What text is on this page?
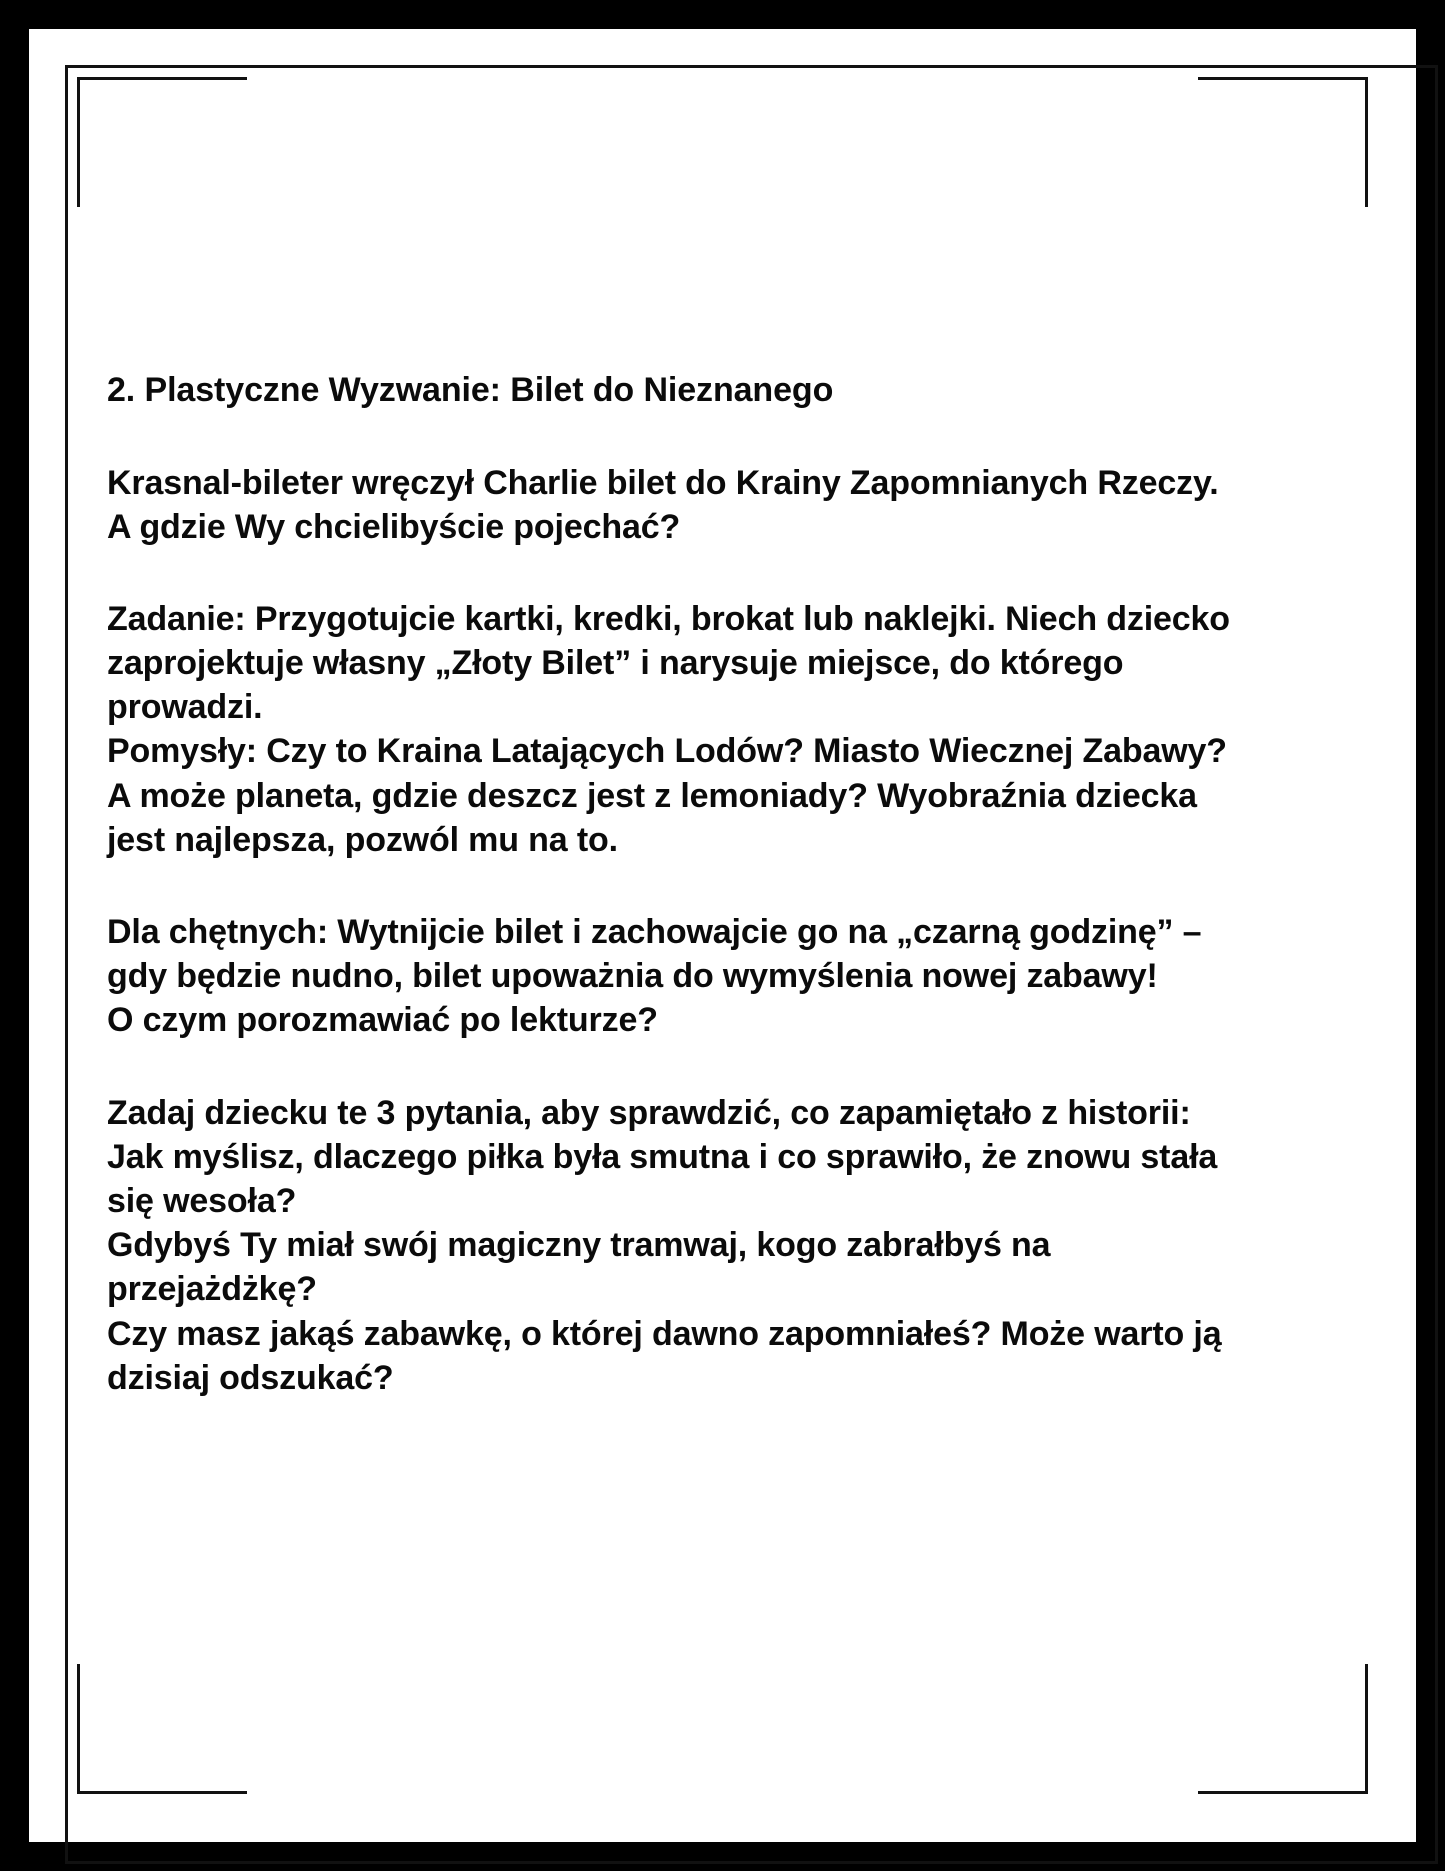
2. Plastyczne Wyzwanie: Bilet do Nieznanego

Krasnal-bileter wręczył Charlie bilet do Krainy Zapomnianych Rzeczy.
A gdzie Wy chcielibyście pojechać?

Zadanie: Przygotujcie kartki, kredki, brokat lub naklejki. Niech dziecko
zaprojektuje własny „Złoty Bilet” i narysuje miejsce, do którego
prowadzi.
Pomysły: Czy to Kraina Latających Lodów? Miasto Wiecznej Zabawy?
A może planeta, gdzie deszcz jest z lemoniady? Wyobraźnia dziecka
jest najlepsza, pozwól mu na to.

Dla chętnych: Wytnijcie bilet i zachowajcie go na „czarną godzinę” –
gdy będzie nudno, bilet upoważnia do wymyślenia nowej zabawy!
O czym porozmawiać po lekturze?

Zadaj dziecku te 3 pytania, aby sprawdzić, co zapamiętało z historii:
Jak myślisz, dlaczego piłka była smutna i co sprawiło, że znowu stała
się wesoła?
Gdybyś Ty miał swój magiczny tramwaj, kogo zabrałbyś na
przejażdżkę?
Czy masz jakąś zabawkę, o której dawno zapomniałeś? Może warto ją
dzisiaj odszukać?
